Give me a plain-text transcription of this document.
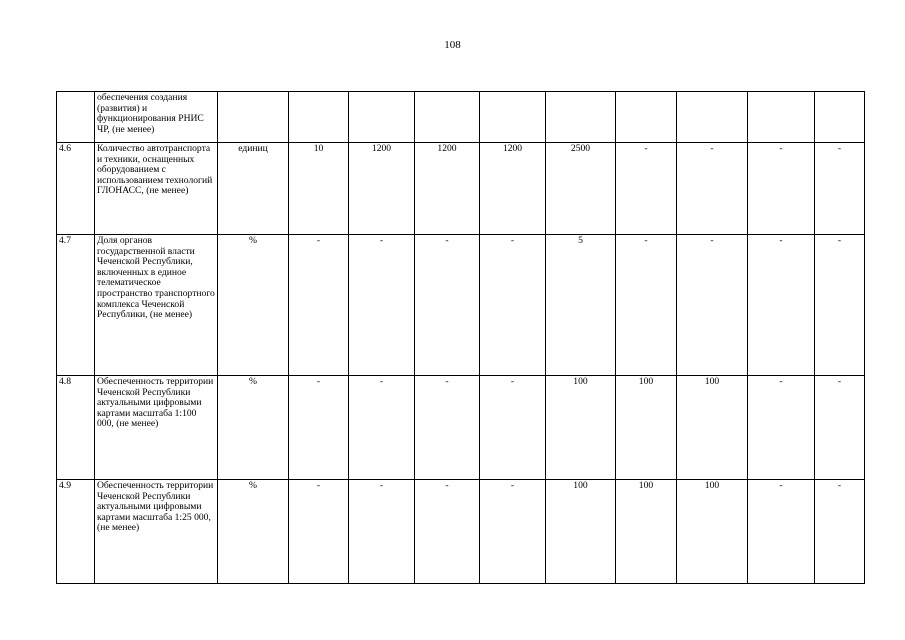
108
	обеспечения создания (развития) и функционирования РНИС ЧР, (не менее)										
4.6	Количество автотранспорта и техники, оснащенных оборудованием с использованием технологий ГЛОНАСС, (не менее)	единиц	10	1200	1200	1200	2500	-	-	-	-
4.7	Доля органов государственной власти Чеченской Республики, включенных в единое телематическое пространство транспортного комплекса Чеченской Республики, (не менее)	%	-	-	-	-	5	-	-	-	-
4.8	Обеспеченность территории Чеченской Республики актуальными цифровыми картами масштаба 1:100 000, (не менее)	%	-	-	-	-	100	100	100	-	-
4.9	Обеспеченность территории Чеченской Республики актуальными цифровыми картами масштаба 1:25 000, (не менее)	%	-	-	-	-	100	100	100	-	-
